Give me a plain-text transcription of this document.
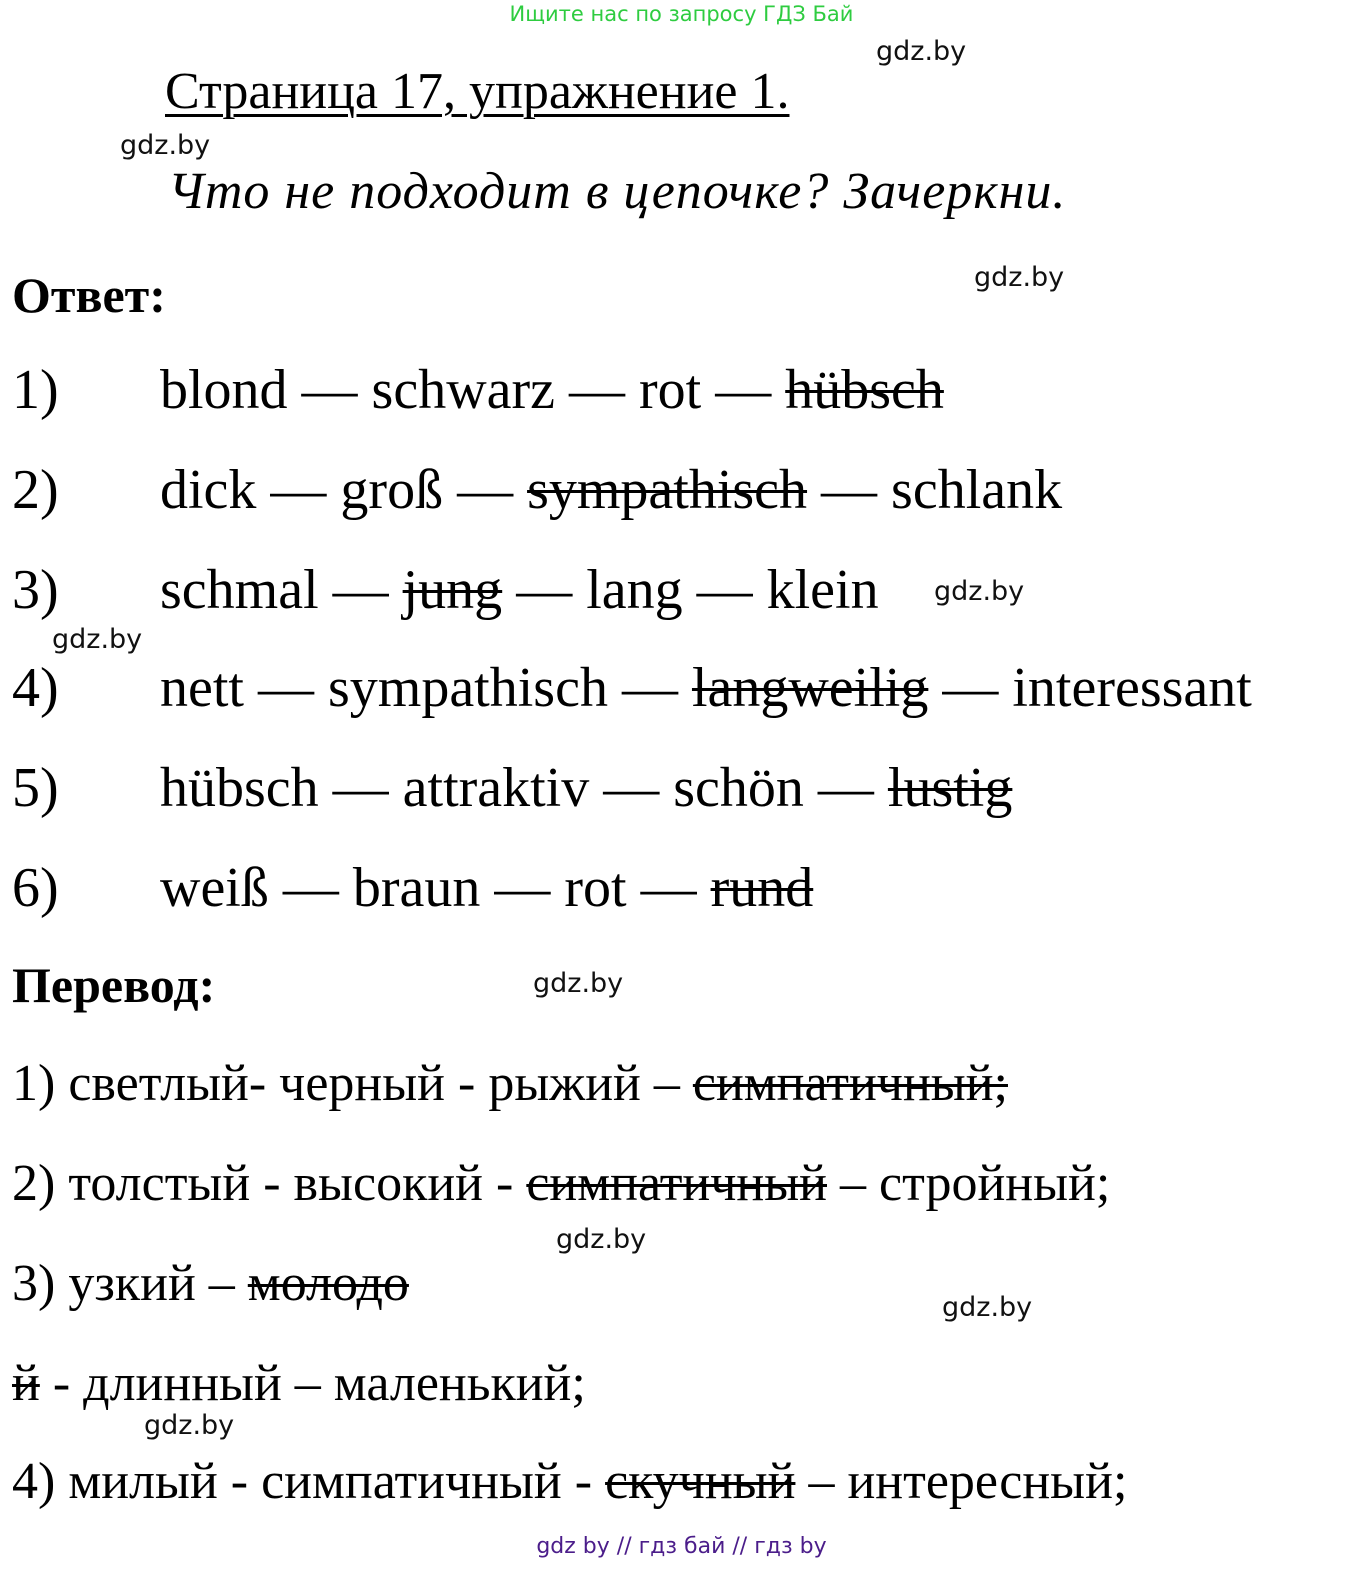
Ищите нас по запросу ГДЗ Бай
gdz.by
gdz.by
gdz.by
gdz.by
gdz.by
gdz.by
gdz.by
gdz.by
gdz.by
Страница 17, упражнение 1.
Что не подходит в цепочке? Зачеркни.
Ответ:
1) blond — schwarz — rot — hübsch
2) dick — groß — sympathisch — schlank
3) schmal — jung — lang — klein
4) nett — sympathisch — langweilig — interessant
5) hübsch — attraktiv — schön — lustig
6) weiß — braun — rot — rund
Перевод:
1) светлый- черный - рыжий – симпатичный;
2) толстый - высокий - симпатичный – стройный;
3) узкий – молодо
й - длинный – маленький;
4) милый - симпатичный - скучный – интересный;
gdz by // гдз бай // гдз by
